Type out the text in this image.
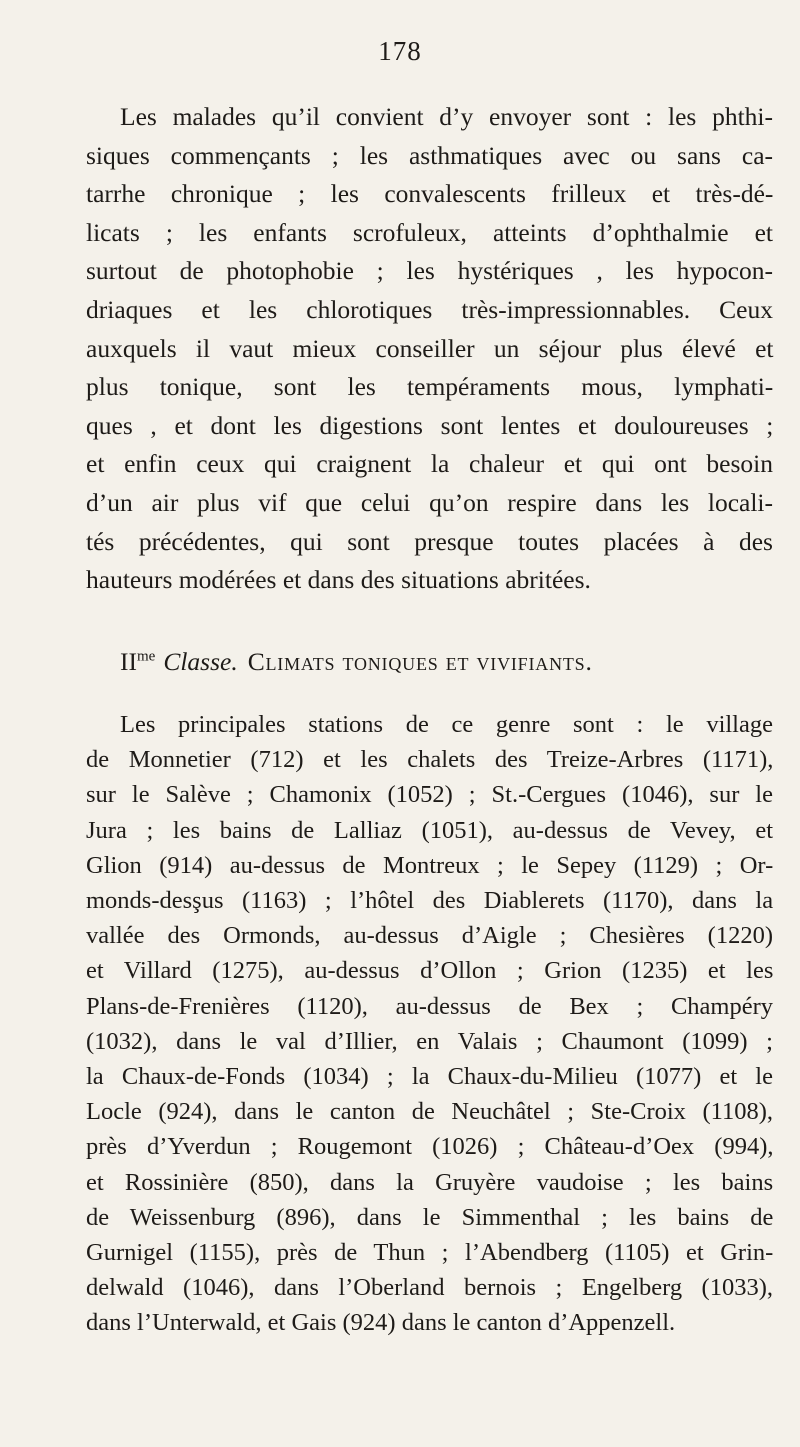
178
Les malades qu’il convient d’y envoyer sont : les phthi-
siques commençants ; les asthmatiques avec ou sans ca-
tarrhe chronique ; les convalescents frilleux et très-dé-
licats ; les enfants scrofuleux, atteints d’ophthalmie et
surtout de photophobie ; les hystériques , les hypocon-
driaques et les chlorotiques très-impressionnables. Ceux
auxquels il vaut mieux conseiller un séjour plus élevé et
plus tonique, sont les tempéraments mous, lymphati-
ques , et dont les digestions sont lentes et douloureuses ;
et enfin ceux qui craignent la chaleur et qui ont besoin
d’un air plus vif que celui qu’on respire dans les locali-
tés précédentes, qui sont presque toutes placées à des
hauteurs modérées et dans des situations abritées.
$II^{me}$ Classe. Climats toniques et vivifiants.
Les principales stations de ce genre sont : le village
de Monnetier (712) et les chalets des Treize-Arbres (1171),
sur le Salève ; Chamonix (1052) ; St.-Cergues (1046), sur le
Jura ; les bains de Lalliaz (1051), au-dessus de Vevey, et
Glion (914) au-dessus de Montreux ; le Sepey (1129) ; Or-
monds-desşus (1163) ; l’hôtel des Diablerets (1170), dans la
vallée des Ormonds, au-dessus d’Aigle ; Chesières (1220)
et Villard (1275), au-dessus d’Ollon ; Grion (1235) et les
Plans-de-Frenières (1120), au-dessus de Bex ; Champéry
(1032), dans le val d’Illier, en Valais ; Chaumont (1099) ;
la Chaux-de-Fonds (1034) ; la Chaux-du-Milieu (1077) et le
Locle (924), dans le canton de Neuchâtel ; Ste-Croix (1108),
près d’Yverdun ; Rougemont (1026) ; Château-d’Oex (994),
et Rossinière (850), dans la Gruyère vaudoise ; les bains
de Weissenburg (896), dans le Simmenthal ; les bains de
Gurnigel (1155), près de Thun ; l’Abendberg (1105) et Grin-
delwald (1046), dans l’Oberland bernois ; Engelberg (1033),
dans l’Unterwald, et Gais (924) dans le canton d’Appenzell.
